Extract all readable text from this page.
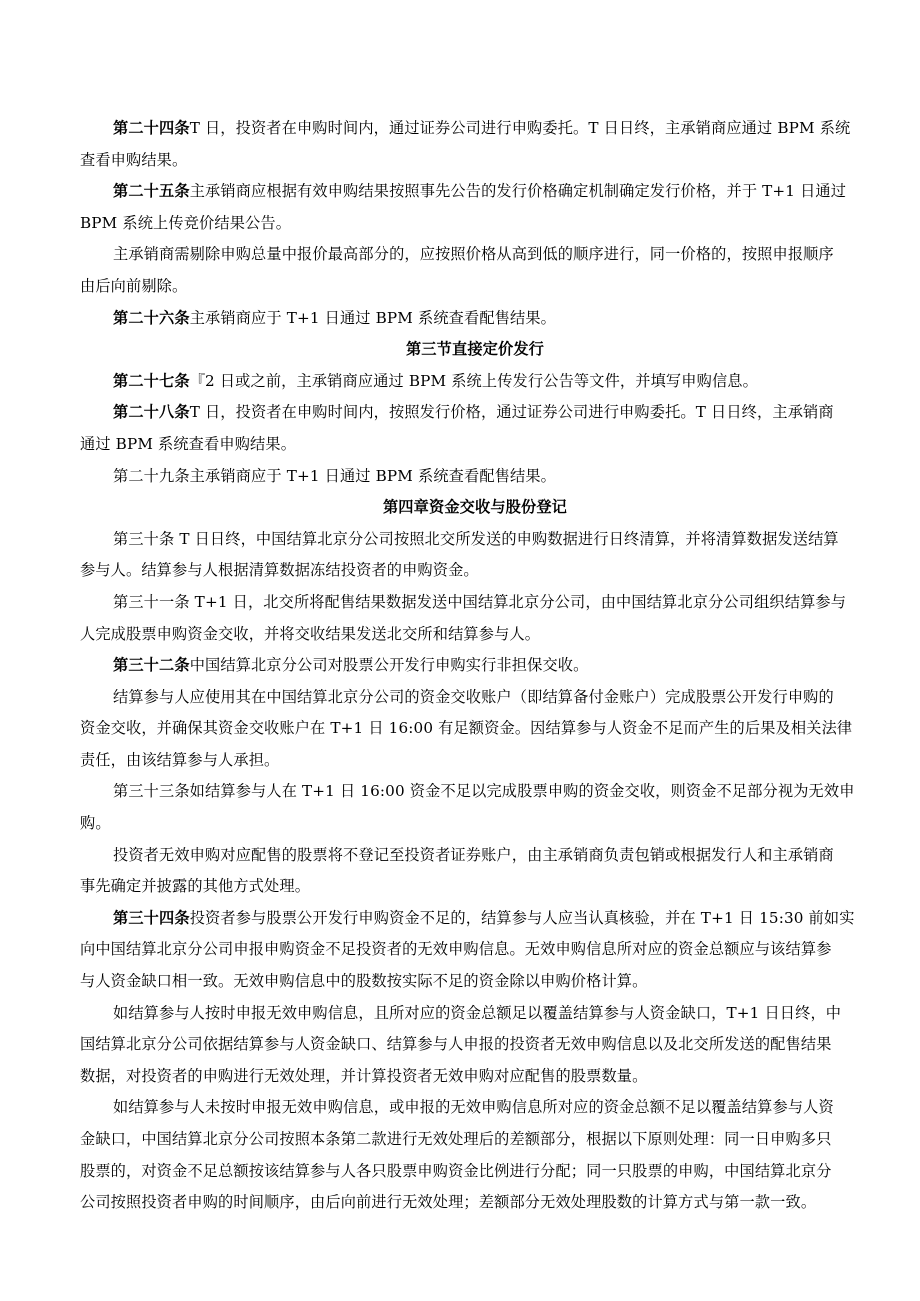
第二十四条T 日，投资者在申购时间内，通过证券公司进行申购委托。T 日日终，主承销商应通过 BPM 系统
查看申购结果。
第二十五条主承销商应根据有效申购结果按照事先公告的发行价格确定机制确定发行价格，并于 T+1 日通过
BPM 系统上传竞价结果公告。
主承销商需剔除申购总量中报价最高部分的，应按照价格从高到低的顺序进行，同一价格的，按照申报顺序
由后向前剔除。
第二十六条主承销商应于 T+1 日通过 BPM 系统查看配售结果。
第三节直接定价发行
第二十七条『2 日或之前，主承销商应通过 BPM 系统上传发行公告等文件，并填写申购信息。
第二十八条T 日，投资者在申购时间内，按照发行价格，通过证券公司进行申购委托。T 日日终，主承销商
通过 BPM 系统查看申购结果。
第二十九条主承销商应于 T+1 日通过 BPM 系统查看配售结果。
第四章资金交收与股份登记
第三十条 T 日日终，中国结算北京分公司按照北交所发送的申购数据进行日终清算，并将清算数据发送结算
参与人。结算参与人根据清算数据冻结投资者的申购资金。
第三十一条 T+1 日，北交所将配售结果数据发送中国结算北京分公司，由中国结算北京分公司组织结算参与
人完成股票申购资金交收，并将交收结果发送北交所和结算参与人。
第三十二条中国结算北京分公司对股票公开发行申购实行非担保交收。
结算参与人应使用其在中国结算北京分公司的资金交收账户（即结算备付金账户）完成股票公开发行申购的
资金交收，并确保其资金交收账户在 T+1 日 16:00 有足额资金。因结算参与人资金不足而产生的后果及相关法律
责任，由该结算参与人承担。
第三十三条如结算参与人在 T+1 日 16:00 资金不足以完成股票申购的资金交收，则资金不足部分视为无效申
购。
投资者无效申购对应配售的股票将不登记至投资者证券账户，由主承销商负责包销或根据发行人和主承销商
事先确定并披露的其他方式处理。
第三十四条投资者参与股票公开发行申购资金不足的，结算参与人应当认真核验，并在 T+1 日 15:30 前如实
向中国结算北京分公司申报申购资金不足投资者的无效申购信息。无效申购信息所对应的资金总额应与该结算参
与人资金缺口相一致。无效申购信息中的股数按实际不足的资金除以申购价格计算。
如结算参与人按时申报无效申购信息，且所对应的资金总额足以覆盖结算参与人资金缺口，T+1 日日终，中
国结算北京分公司依据结算参与人资金缺口、结算参与人申报的投资者无效申购信息以及北交所发送的配售结果
数据，对投资者的申购进行无效处理，并计算投资者无效申购对应配售的股票数量。
如结算参与人未按时申报无效申购信息，或申报的无效申购信息所对应的资金总额不足以覆盖结算参与人资
金缺口，中国结算北京分公司按照本条第二款进行无效处理后的差额部分，根据以下原则处理：同一日申购多只
股票的，对资金不足总额按该结算参与人各只股票申购资金比例进行分配；同一只股票的申购，中国结算北京分
公司按照投资者申购的时间顺序，由后向前进行无效处理；差额部分无效处理股数的计算方式与第一款一致。
